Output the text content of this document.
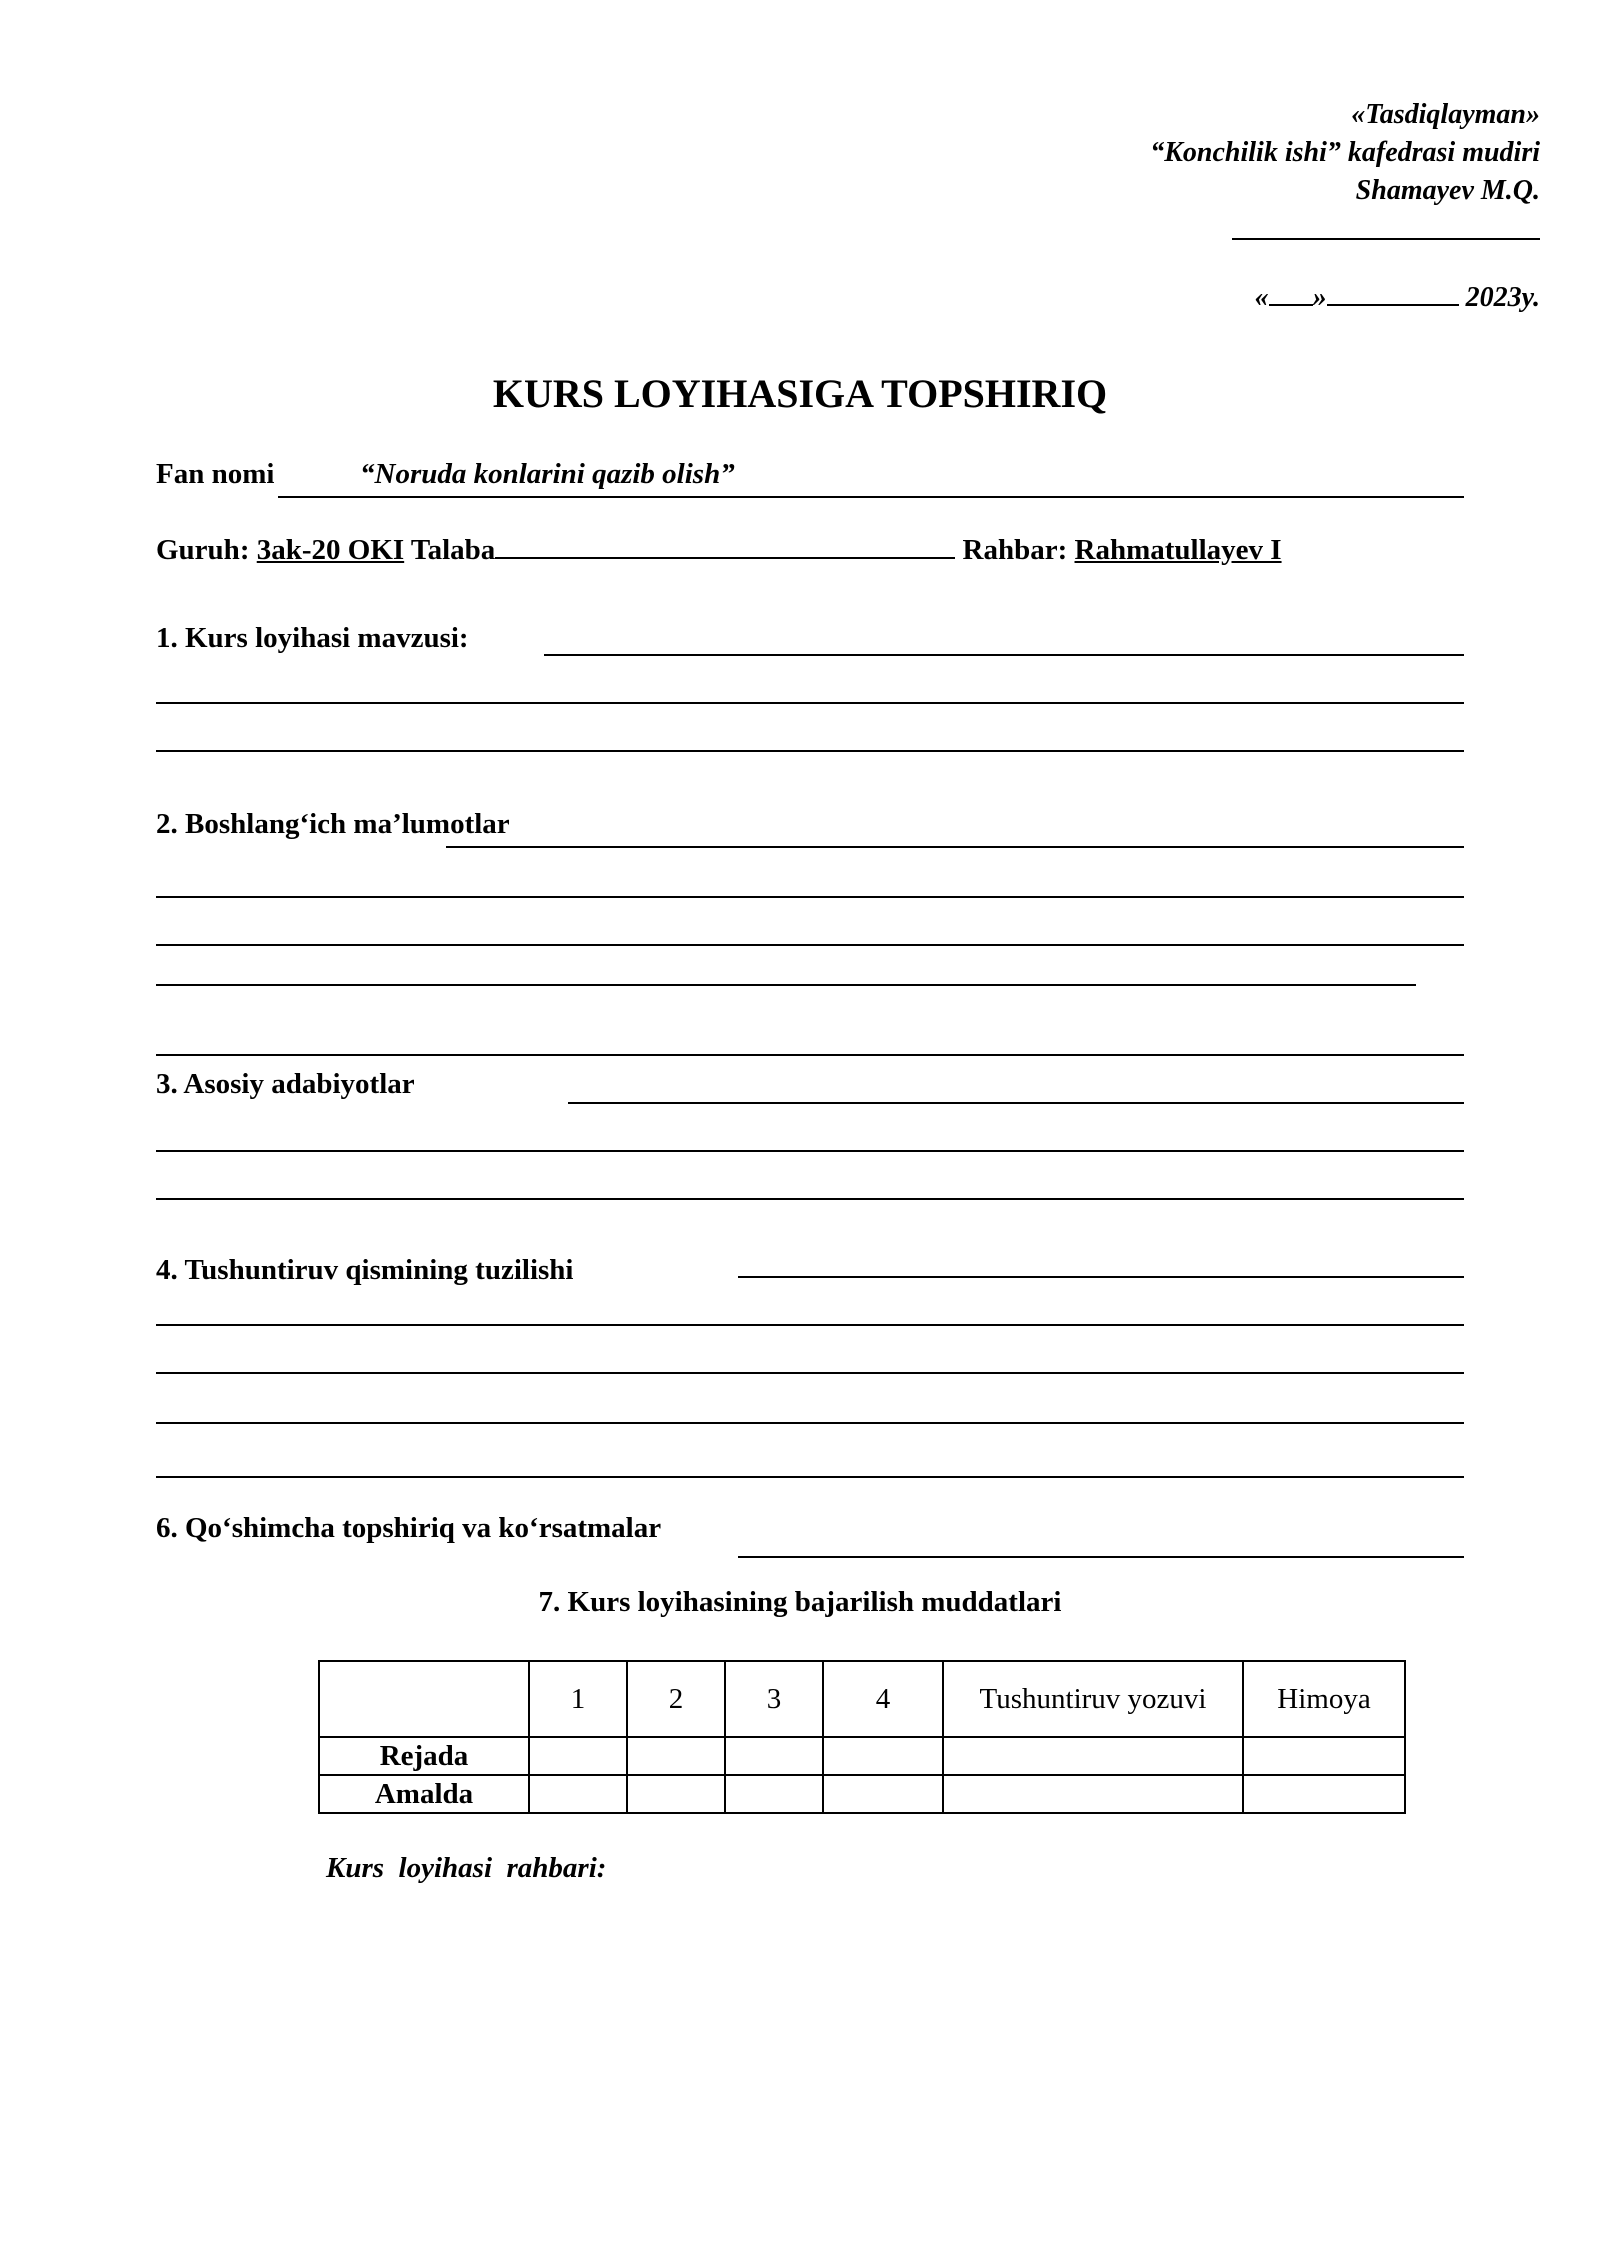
«Tasdiqlayman»
“Konchilik ishi” kafedrasi mudiri
Shamayev M.Q.
« »	2023y.
KURS LOYIHASIGA TOPSHIRIQ
Fan nomi	“Noruda konlarini qazib olish”
Guruh: 3ak-20 OKI Talaba	Rahbar: Rahmatullayev I
1. Kurs loyihasi mavzusi:
2. Boshlang‘ich ma’lumotlar
3. Asosiy adabiyotlar
4. Tushuntiruv qismining tuzilishi
6. Qo‘shimcha topshiriq va ko‘rsatmalar
7. Kurs loyihasining bajarilish muddatlari
	1	2	3	4	Tushuntiruv yozuvi	Himoya
Rejada						
Amalda						
Kurs  loyihasi  rahbari:
